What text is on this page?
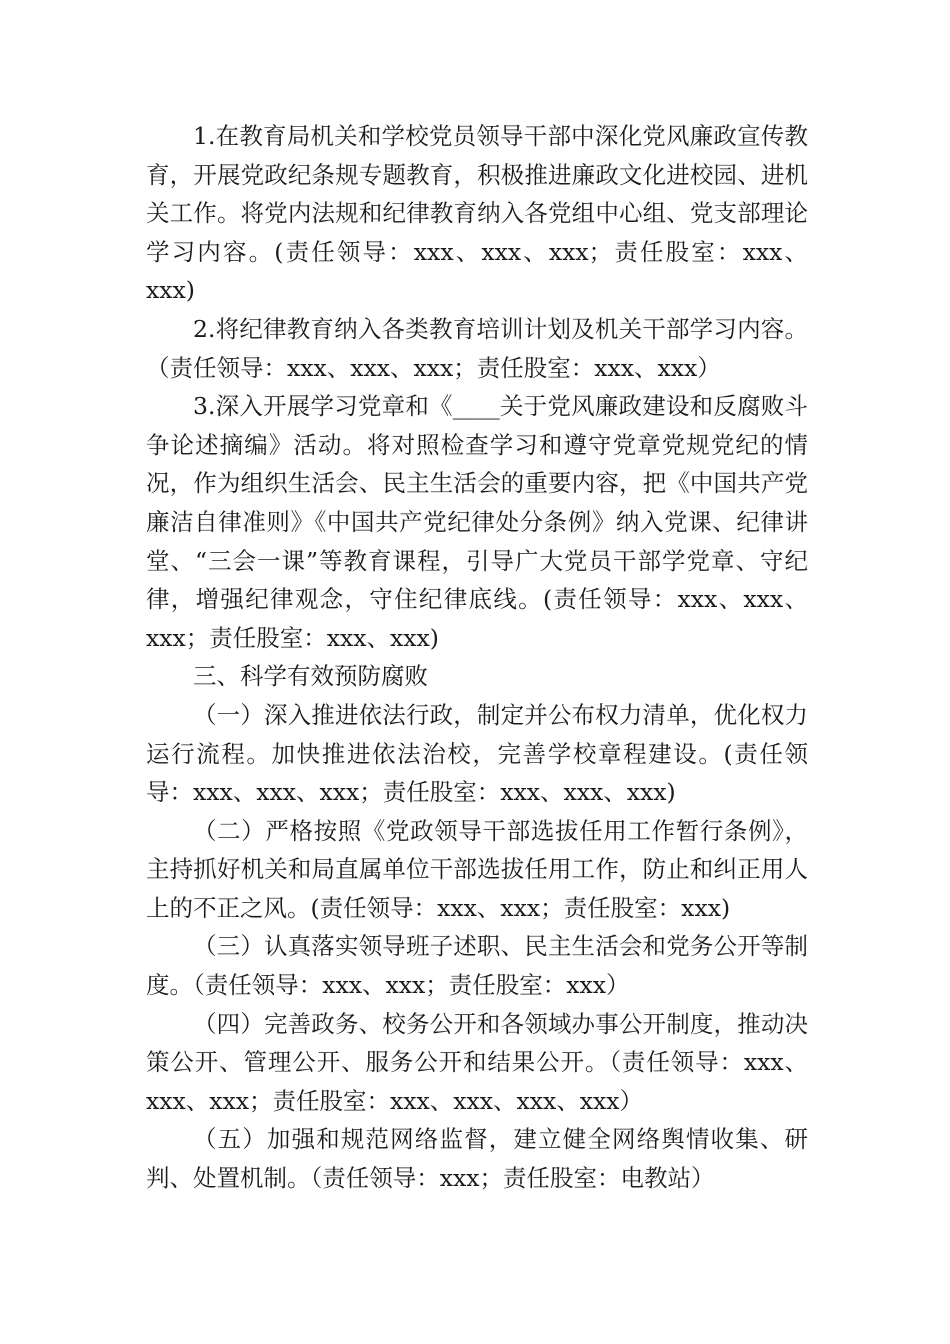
1.在教育局机关和学校党员领导干部中深化党风廉政宣传教育，开展党政纪条规专题教育，积极推进廉政文化进校园、进机关工作。将党内法规和纪律教育纳入各党组中心组、党支部理论学习内容。(责任领导：xxx、xxx、xxx；责任股室：xxx、xxx)

2.将纪律教育纳入各类教育培训计划及机关干部学习内容。（责任领导：xxx、xxx、xxx；责任股室：xxx、xxx）

3.深入开展学习党章和《____关于党风廉政建设和反腐败斗争论述摘编》活动。将对照检查学习和遵守党章党规党纪的情况，作为组织生活会、民主生活会的重要内容，把《中国共产党廉洁自律准则》《中国共产党纪律处分条例》纳入党课、纪律讲堂、“三会一课”等教育课程，引导广大党员干部学党章、守纪律，增强纪律观念，守住纪律底线。(责任领导：xxx、xxx、xxx；责任股室：xxx、xxx)

三、科学有效预防腐败

（一）深入推进依法行政，制定并公布权力清单，优化权力运行流程。加快推进依法治校，完善学校章程建设。(责任领导：xxx、xxx、xxx；责任股室：xxx、xxx、xxx)

（二）严格按照《党政领导干部选拔任用工作暂行条例》，主持抓好机关和局直属单位干部选拔任用工作，防止和纠正用人上的不正之风。(责任领导：xxx、xxx；责任股室：xxx)

（三）认真落实领导班子述职、民主生活会和党务公开等制度。（责任领导：xxx、xxx；责任股室：xxx）

（四）完善政务、校务公开和各领域办事公开制度，推动决策公开、管理公开、服务公开和结果公开。（责任领导：xxx、xxx、xxx；责任股室：xxx、xxx、xxx、xxx）

（五）加强和规范网络监督，建立健全网络舆情收集、研判、处置机制。（责任领导：xxx；责任股室：电教站）
